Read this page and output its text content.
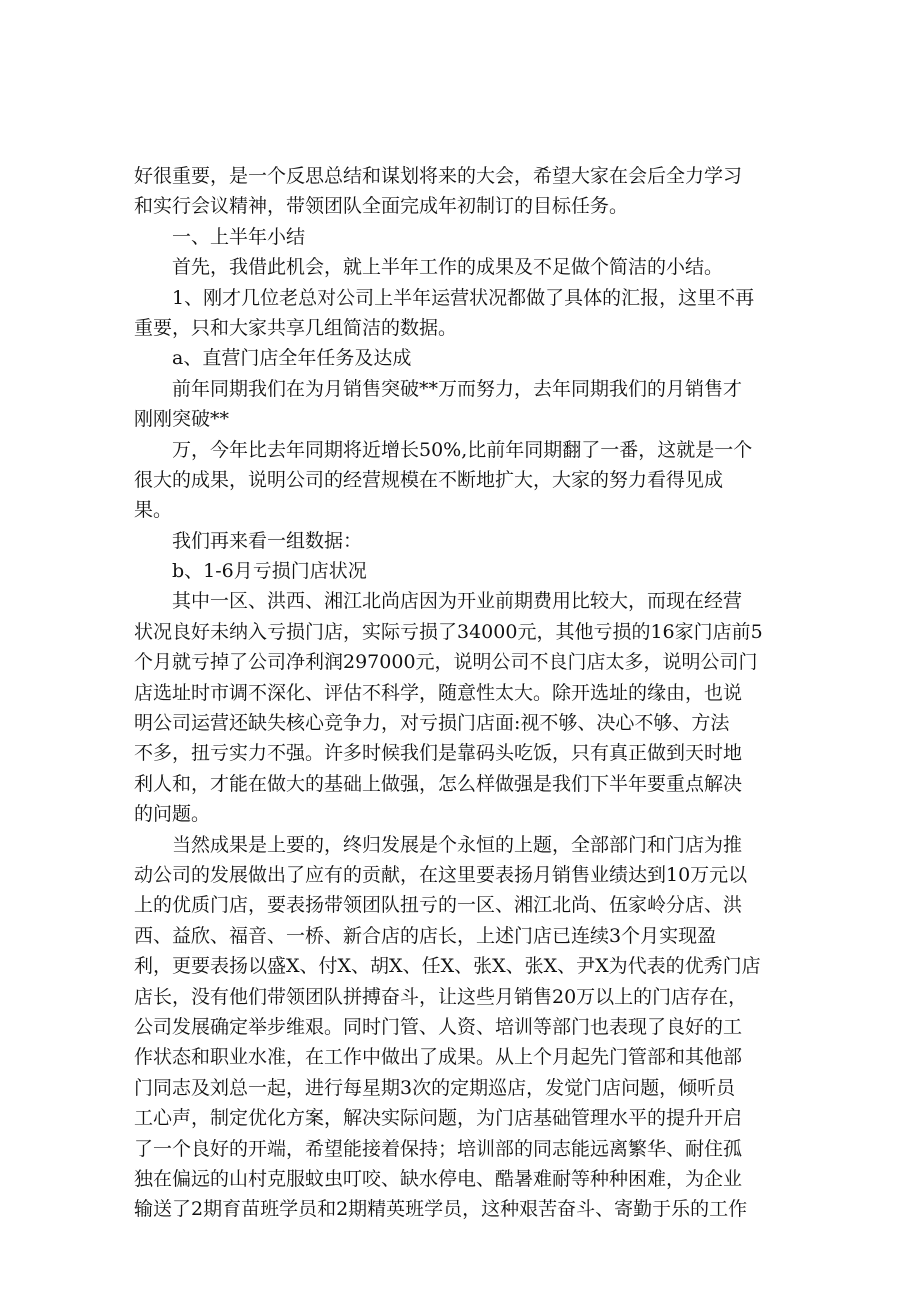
好很重要，是一个反思总结和谋划将来的大会，希望大家在会后全力学习
和实行会议精神，带领团队全面完成年初制订的目标任务。
一、上半年小结
首先，我借此机会，就上半年工作的成果及不足做个简洁的小结。
1、刚才几位老总对公司上半年运营状况都做了具体的汇报，这里不再
重要，只和大家共享几组简洁的数据。
a、直营门店全年任务及达成
前年同期我们在为月销售突破**万而努力，去年同期我们的月销售才
刚刚突破**
万，今年比去年同期将近增长50%,比前年同期翻了一番，这就是一个
很大的成果，说明公司的经营规模在不断地扩大，大家的努力看得见成
果。
我们再来看一组数据：
b、1-6月亏损门店状况
其中一区、洪西、湘江北尚店因为开业前期费用比较大，而现在经营
状况良好未纳入亏损门店，实际亏损了34000元，其他亏损的16家门店前5
个月就亏掉了公司净利润297000元，说明公司不良门店太多，说明公司门
店选址时市调不深化、评估不科学，随意性太大。除开选址的缘由，也说
明公司运营还缺失核心竞争力，对亏损门店面:视不够、决心不够、方法
不多，扭亏实力不强。许多时候我们是靠码头吃饭，只有真正做到天时地
利人和，才能在做大的基础上做强，怎么样做强是我们下半年要重点解决
的问题。
当然成果是上要的，终归发展是个永恒的上题，全部部门和门店为推
动公司的发展做出了应有的贡献，在这里要表扬月销售业绩达到10万元以
上的优质门店，要表扬带领团队扭亏的一区、湘江北尚、伍家岭分店、洪
西、益欣、福音、一桥、新合店的店长，上述门店已连续3个月实现盈
利，更要表扬以盛X、付X、胡X、任X、张X、张X、尹X为代表的优秀门店
店长，没有他们带领团队拼搏奋斗，让这些月销售20万以上的门店存在，
公司发展确定举步维艰。同时门管、人资、培训等部门也表现了良好的工
作状态和职业水准，在工作中做出了成果。从上个月起先门管部和其他部
门同志及刘总一起，进行每星期3次的定期巡店，发觉门店问题，倾听员
工心声，制定优化方案，解决实际问题，为门店基础管理水平的提升开启
了一个良好的开端，希望能接着保持；培训部的同志能远离繁华、耐住孤
独在偏远的山村克服蚊虫叮咬、缺水停电、酷暑难耐等种种困难，为企业
输送了2期育苗班学员和2期精英班学员，这种艰苦奋斗、寄勤于乐的工作
